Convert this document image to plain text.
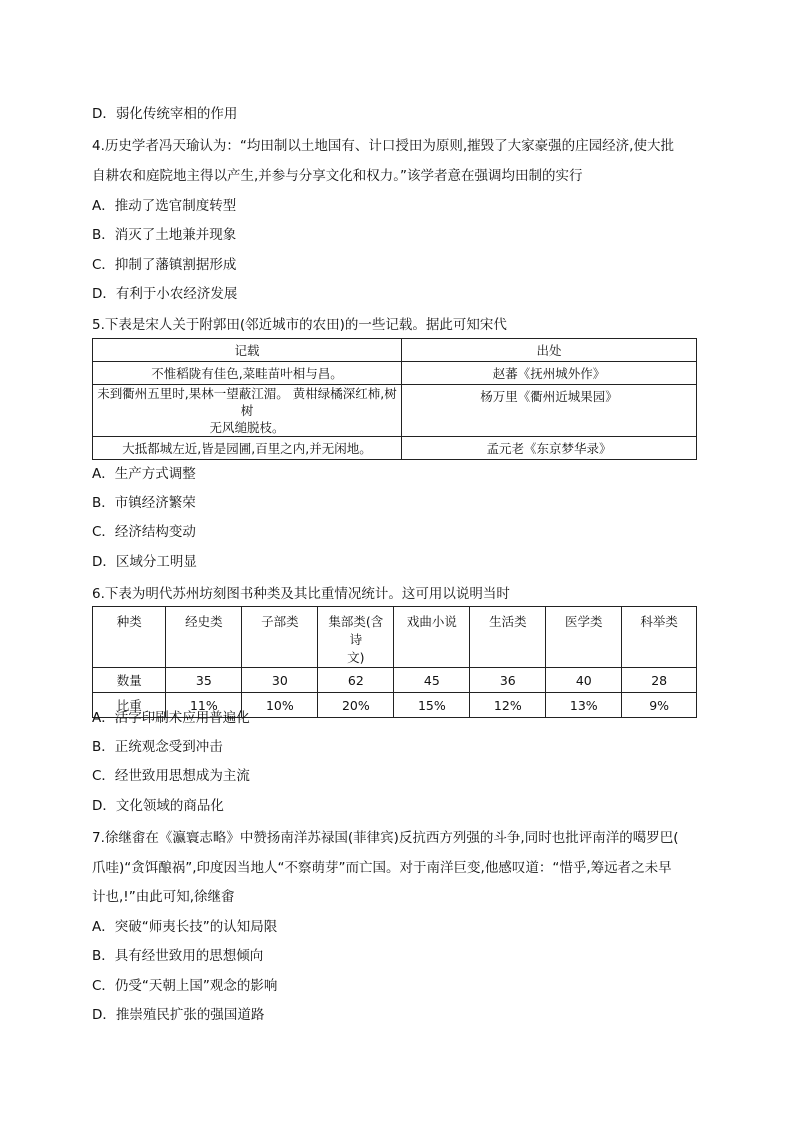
D．弱化传统宰相的作用
4.历史学者冯天瑜认为：“均田制以土地国有、计口授田为原则,摧毁了大家豪强的庄园经济,使大批
自耕农和庭院地主得以产生,并参与分享文化和权力。”该学者意在强调均田制的实行
A．推动了选官制度转型
B．消灭了土地兼并现象
C．抑制了藩镇割据形成
D．有利于小农经济发展
5.下表是宋人关于附郭田(邻近城市的农田)的一些记载。据此可知宋代
记载	出处
不惟稻陇有佳色,菜畦苗叶相与昌。	赵蕃《抚州城外作》

未到衢州五里时,果林一望蔽江湄。 黄柑绿橘深红柿,树树
无风缒脱枝。	杨万里《衢州近城果园》
大抵都城左近,皆是园圃,百里之内,并无闲地。	孟元老《东京梦华录》
A．生产方式调整
B．市镇经济繁荣
C．经济结构变动
D．区域分工明显
6.下表为明代苏州坊刻图书种类及其比重情况统计。这可用以说明当时
种类	经史类	子部类	集部类(含诗
文)	戏曲小说	生活类	医学类	科举类
数量	35	30	62	45	36	40	28
比重	11%	10%	20%	15%	12%	13%	9%
A．活字印刷术应用普遍化
B．正统观念受到冲击
C．经世致用思想成为主流
D．文化领域的商品化
7.徐继畬在《瀛寰志略》中赞扬南洋苏禄国(菲律宾)反抗西方列强的斗争,同时也批评南洋的噶罗巴(
爪哇)“贪饵酿祸”,印度因当地人“不察萌芽”而亡国。对于南洋巨变,他感叹道：“惜乎,筹远者之未早
计也,!”由此可知,徐继畬
A．突破“师夷长技”的认知局限
B．具有经世致用的思想倾向
C．仍受“天朝上国”观念的影响
D．推崇殖民扩张的强国道路
